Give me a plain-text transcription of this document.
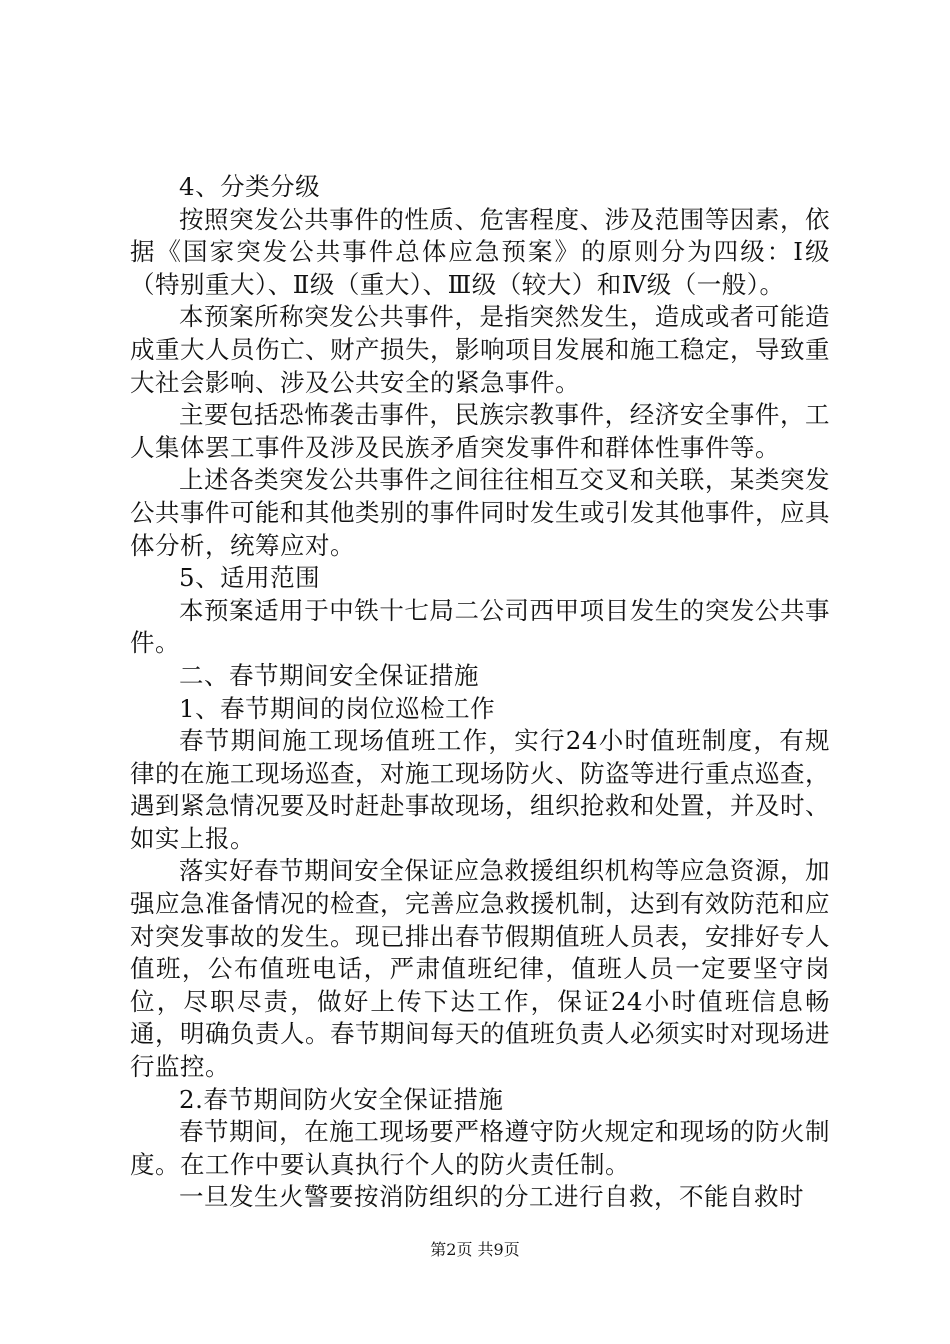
4、分类分级

按照突发公共事件的性质、危害程度、涉及范围等因素，依据《国家突发公共事件总体应急预案》的原则分为四级：Ⅰ级（特别重大）、Ⅱ级（重大）、Ⅲ级（较大）和Ⅳ级（一般）。

本预案所称突发公共事件，是指突然发生，造成或者可能造成重大人员伤亡、财产损失，影响项目发展和施工稳定，导致重大社会影响、涉及公共安全的紧急事件。

主要包括恐怖袭击事件，民族宗教事件，经济安全事件，工人集体罢工事件及涉及民族矛盾突发事件和群体性事件等。

上述各类突发公共事件之间往往相互交叉和关联，某类突发公共事件可能和其他类别的事件同时发生或引发其他事件，应具体分析，统筹应对。

5、适用范围

本预案适用于中铁十七局二公司西甲项目发生的突发公共事件。

二、春节期间安全保证措施

1、春节期间的岗位巡检工作

春节期间施工现场值班工作，实行24小时值班制度，有规律的在施工现场巡查，对施工现场防火、防盗等进行重点巡查，遇到紧急情况要及时赶赴事故现场，组织抢救和处置，并及时、如实上报。

落实好春节期间安全保证应急救援组织机构等应急资源，加强应急准备情况的检查，完善应急救援机制，达到有效防范和应对突发事故的发生。现已排出春节假期值班人员表，安排好专人值班，公布值班电话，严肃值班纪律，值班人员一定要坚守岗位，尽职尽责，做好上传下达工作，保证24小时值班信息畅通，明确负责人。春节期间每天的值班负责人必须实时对现场进行监控。

2.春节期间防火安全保证措施

春节期间，在施工现场要严格遵守防火规定和现场的防火制度。在工作中要认真执行个人的防火责任制。

一旦发生火警要按消防组织的分工进行自救，不能自救时

第2页 共9页
